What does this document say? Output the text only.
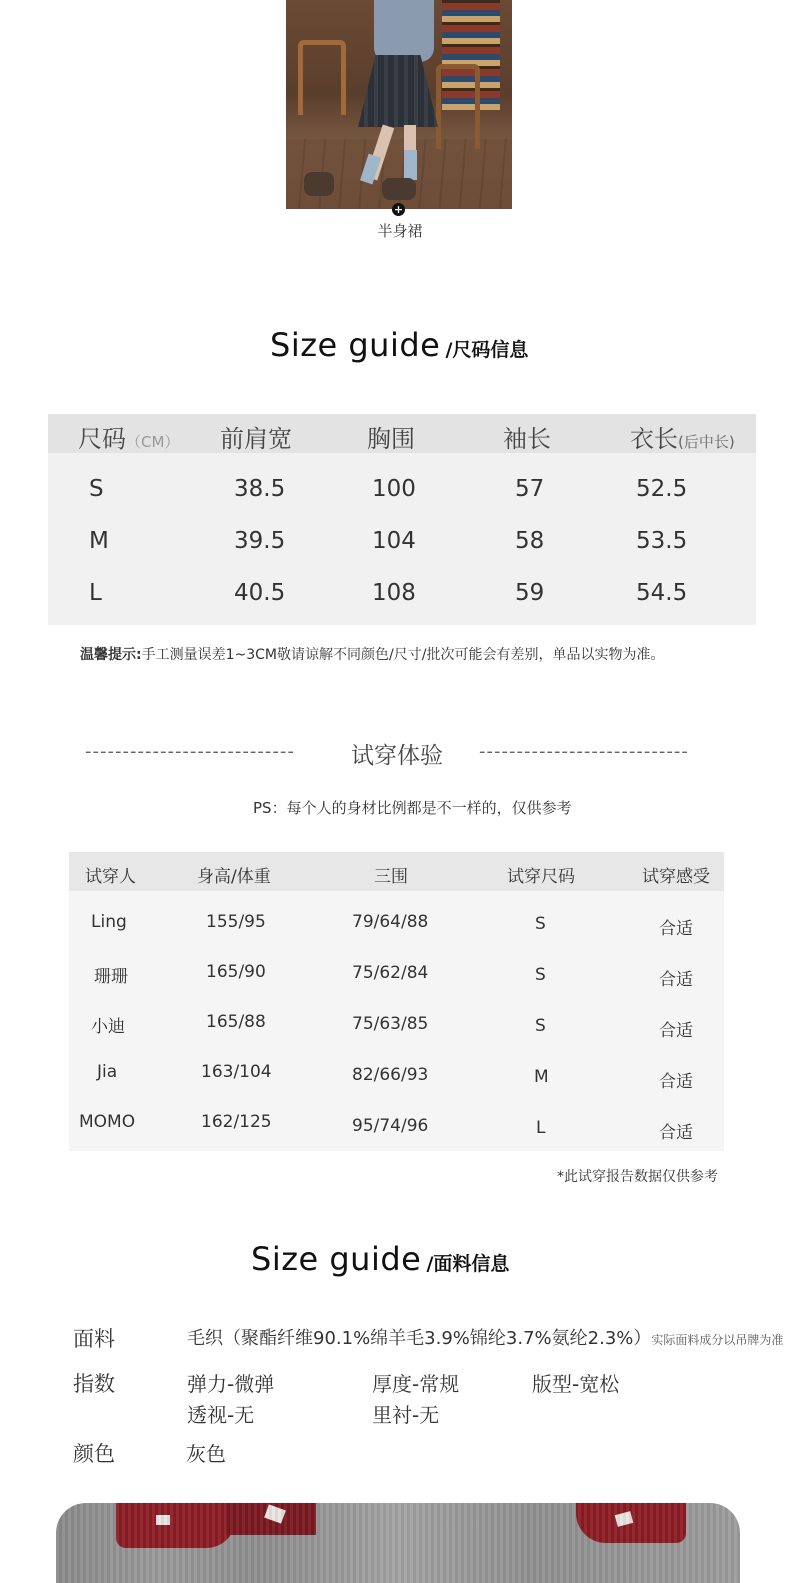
+
半身裙
Size guide /尺码信息
尺码（CM） 前肩宽	胸围	袖长	衣长(后中长)
S	38.5	100	57	52.5
M	39.5	104	58	53.5
L	40.5	108	59	54.5
温馨提示:手工测量误差1~3CM敬请谅解不同颜色/尺寸/批次可能会有差别，单品以实物为准。
---------------------------- 试穿体验 ----------------------------
PS：每个人的身材比例都是不一样的，仅供参考
试穿人	身高/体重	三围	试穿尺码	试穿感受
Ling	155/95	79/64/88	S	合适
珊珊	165/90	75/62/84	S	合适
小迪	165/88	75/63/85	S	合适
Jia	163/104	82/66/93	M	合适
MOMO	162/125	95/74/96	L	合适
*此试穿报告数据仅供参考
Size guide /面料信息
面料	毛织（聚酯纤维90.1%绵羊毛3.9%锦纶3.7%氨纶2.3%）实际面料成分以吊牌为准
指数	弹力-微弹	厚度-常规	版型-宽松
透视-无	里衬-无
颜色	灰色
